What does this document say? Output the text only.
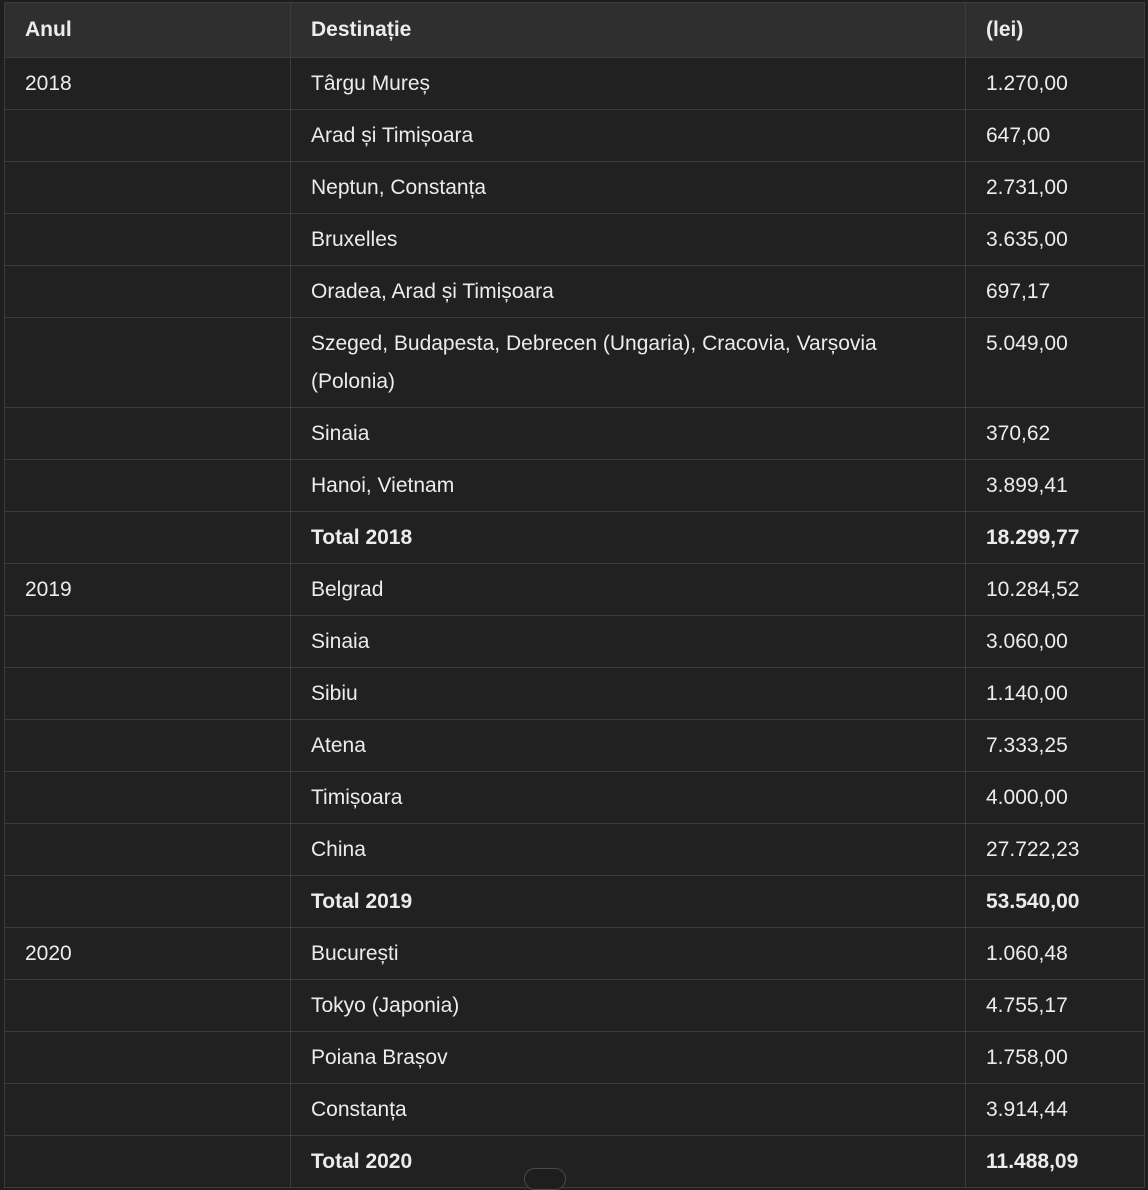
Anul	Destinație	(lei)
2018	Târgu Mureș	1.270,00
	Arad și Timișoara	647,00
	Neptun, Constanța	2.731,00
	Bruxelles	3.635,00
	Oradea, Arad și Timișoara	697,17
	Szeged, Budapesta, Debrecen (Ungaria), Cracovia, Varșovia (Polonia)	5.049,00
	Sinaia	370,62
	Hanoi, Vietnam	3.899,41
	Total 2018	18.299,77
2019	Belgrad	10.284,52
	Sinaia	3.060,00
	Sibiu	1.140,00
	Atena	7.333,25
	Timișoara	4.000,00
	China	27.722,23
	Total 2019	53.540,00
2020	București	1.060,48
	Tokyo (Japonia)	4.755,17
	Poiana Brașov	1.758,00
	Constanța	3.914,44
	Total 2020	11.488,09
